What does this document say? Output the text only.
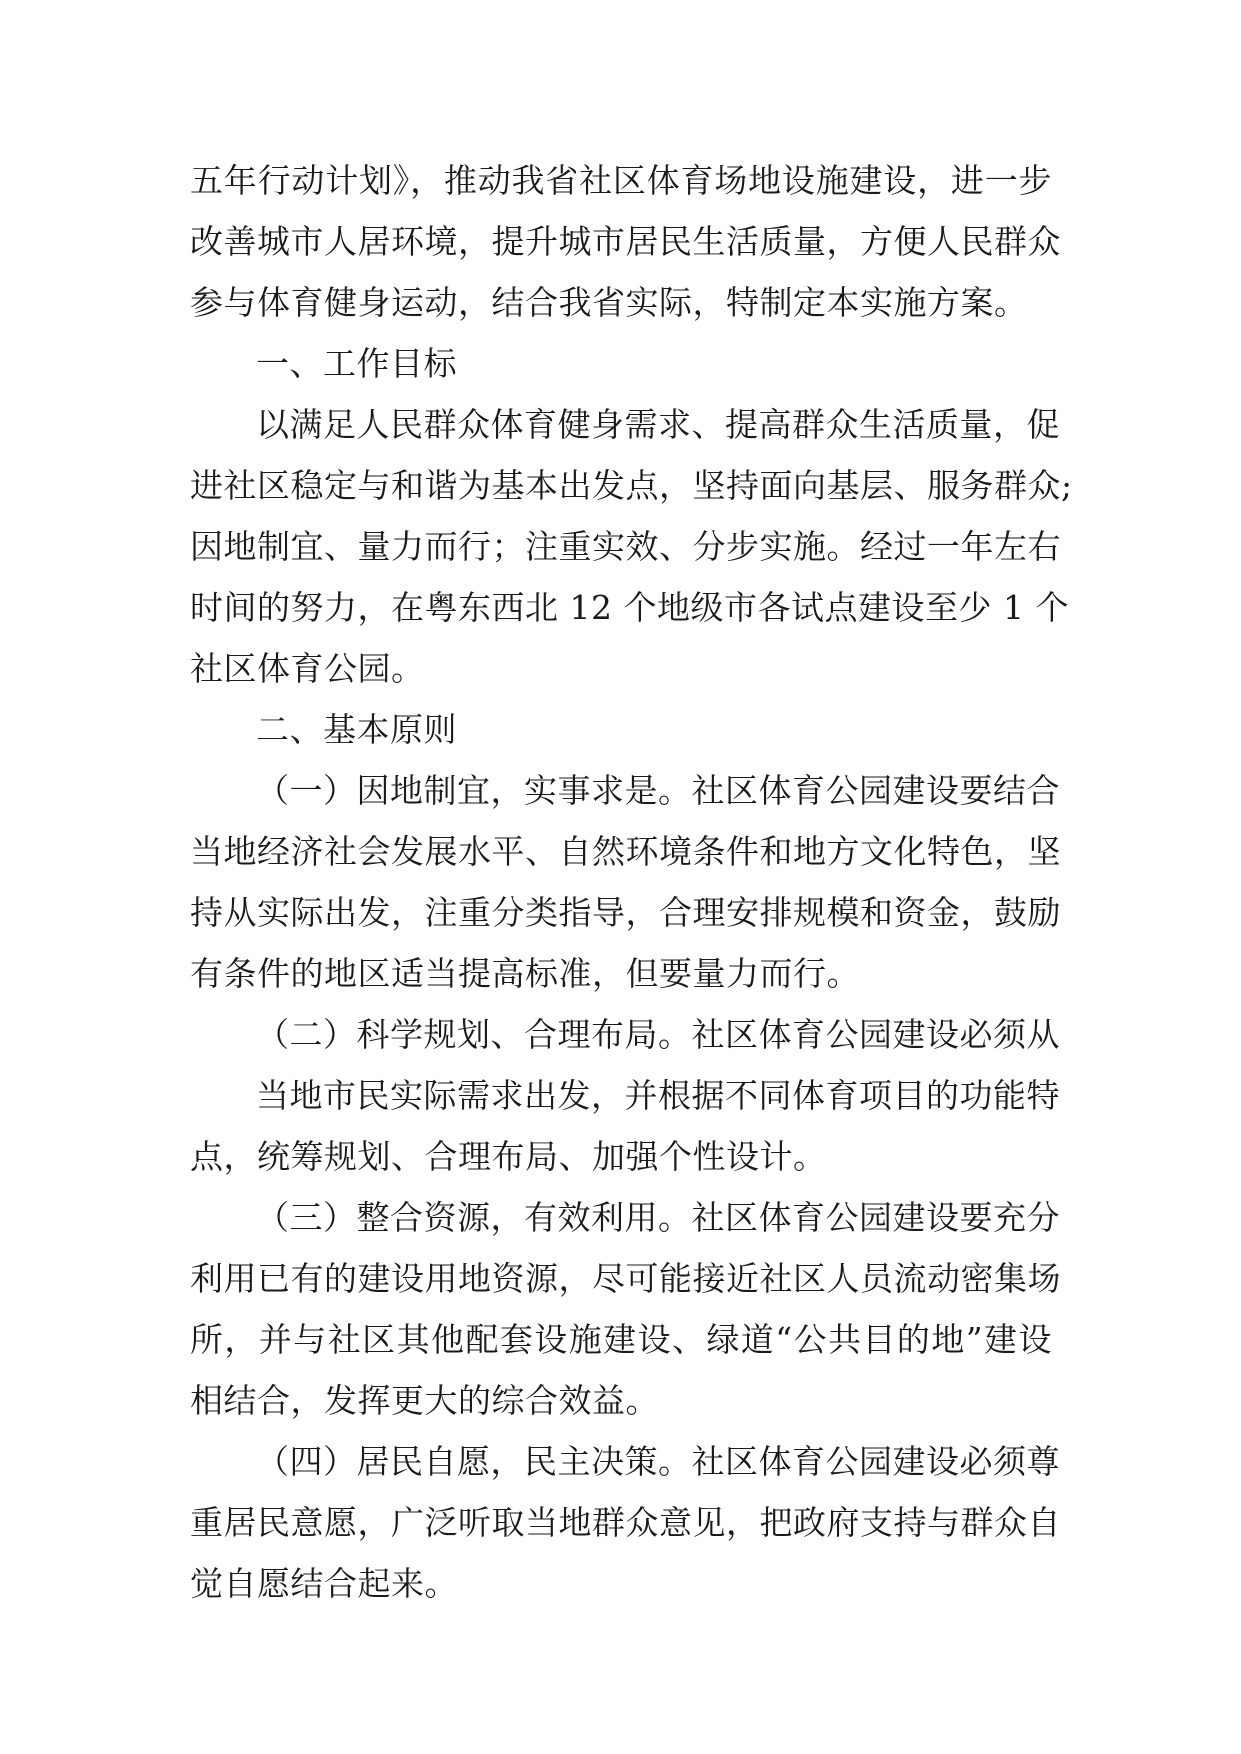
五年行动计划》，推动我省社区体育场地设施建设，进一步
改善城市人居环境，提升城市居民生活质量，方便人民群众
参与体育健身运动，结合我省实际，特制定本实施方案。
一、工作目标
以满足人民群众体育健身需求、提高群众生活质量，促
进社区稳定与和谐为基本出发点，坚持面向基层、服务群众;
因地制宜、量力而行；注重实效、分步实施。经过一年左右
时间的努力，在粤东西北 12 个地级市各试点建设至少 1 个
社区体育公园。
二、基本原则
（一）因地制宜，实事求是。社区体育公园建设要结合
当地经济社会发展水平、自然环境条件和地方文化特色，坚
持从实际出发，注重分类指导，合理安排规模和资金，鼓励
有条件的地区适当提高标准，但要量力而行。
（二）科学规划、合理布局。社区体育公园建设必须从
当地市民实际需求出发，并根据不同体育项目的功能特
点，统筹规划、合理布局、加强个性设计。
（三）整合资源，有效利用。社区体育公园建设要充分
利用已有的建设用地资源，尽可能接近社区人员流动密集场
所，并与社区其他配套设施建设、绿道“公共目的地”建设
相结合，发挥更大的综合效益。
（四）居民自愿，民主决策。社区体育公园建设必须尊
重居民意愿，广泛听取当地群众意见，把政府支持与群众自
觉自愿结合起来。
